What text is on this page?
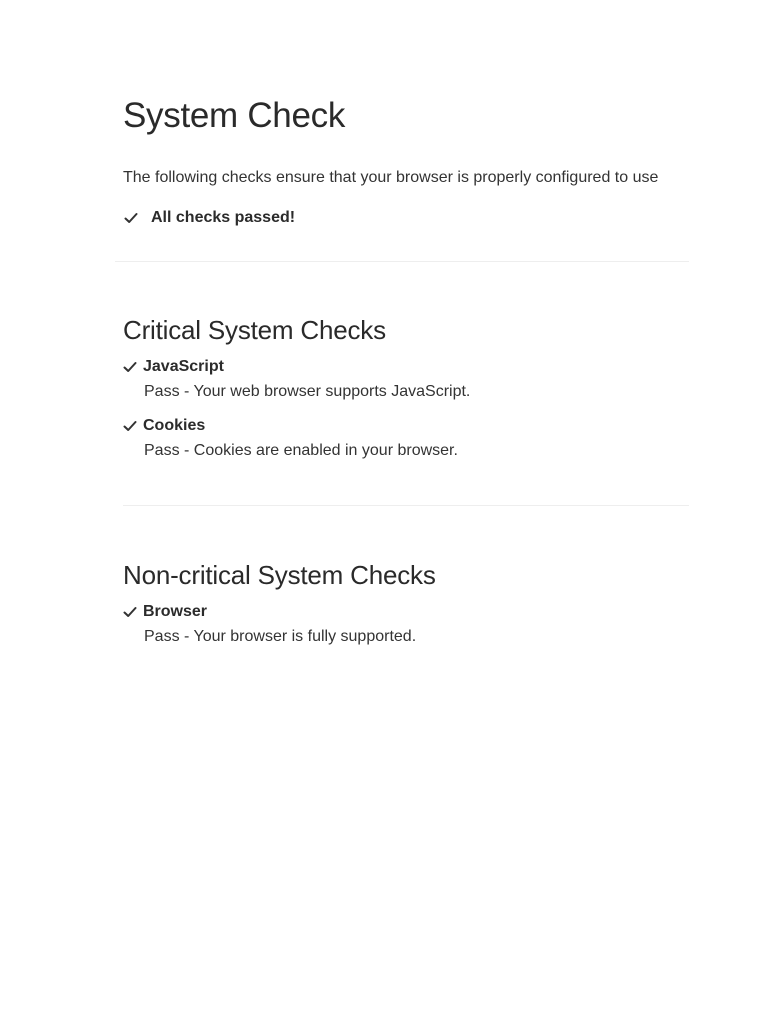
System Check

The following checks ensure that your browser is properly configured to use

All checks passed!
Critical System Checks
JavaScript
Pass - Your web browser supports JavaScript.
Cookies
Pass - Cookies are enabled in your browser.
Non-critical System Checks
Browser
Pass - Your browser is fully supported.
